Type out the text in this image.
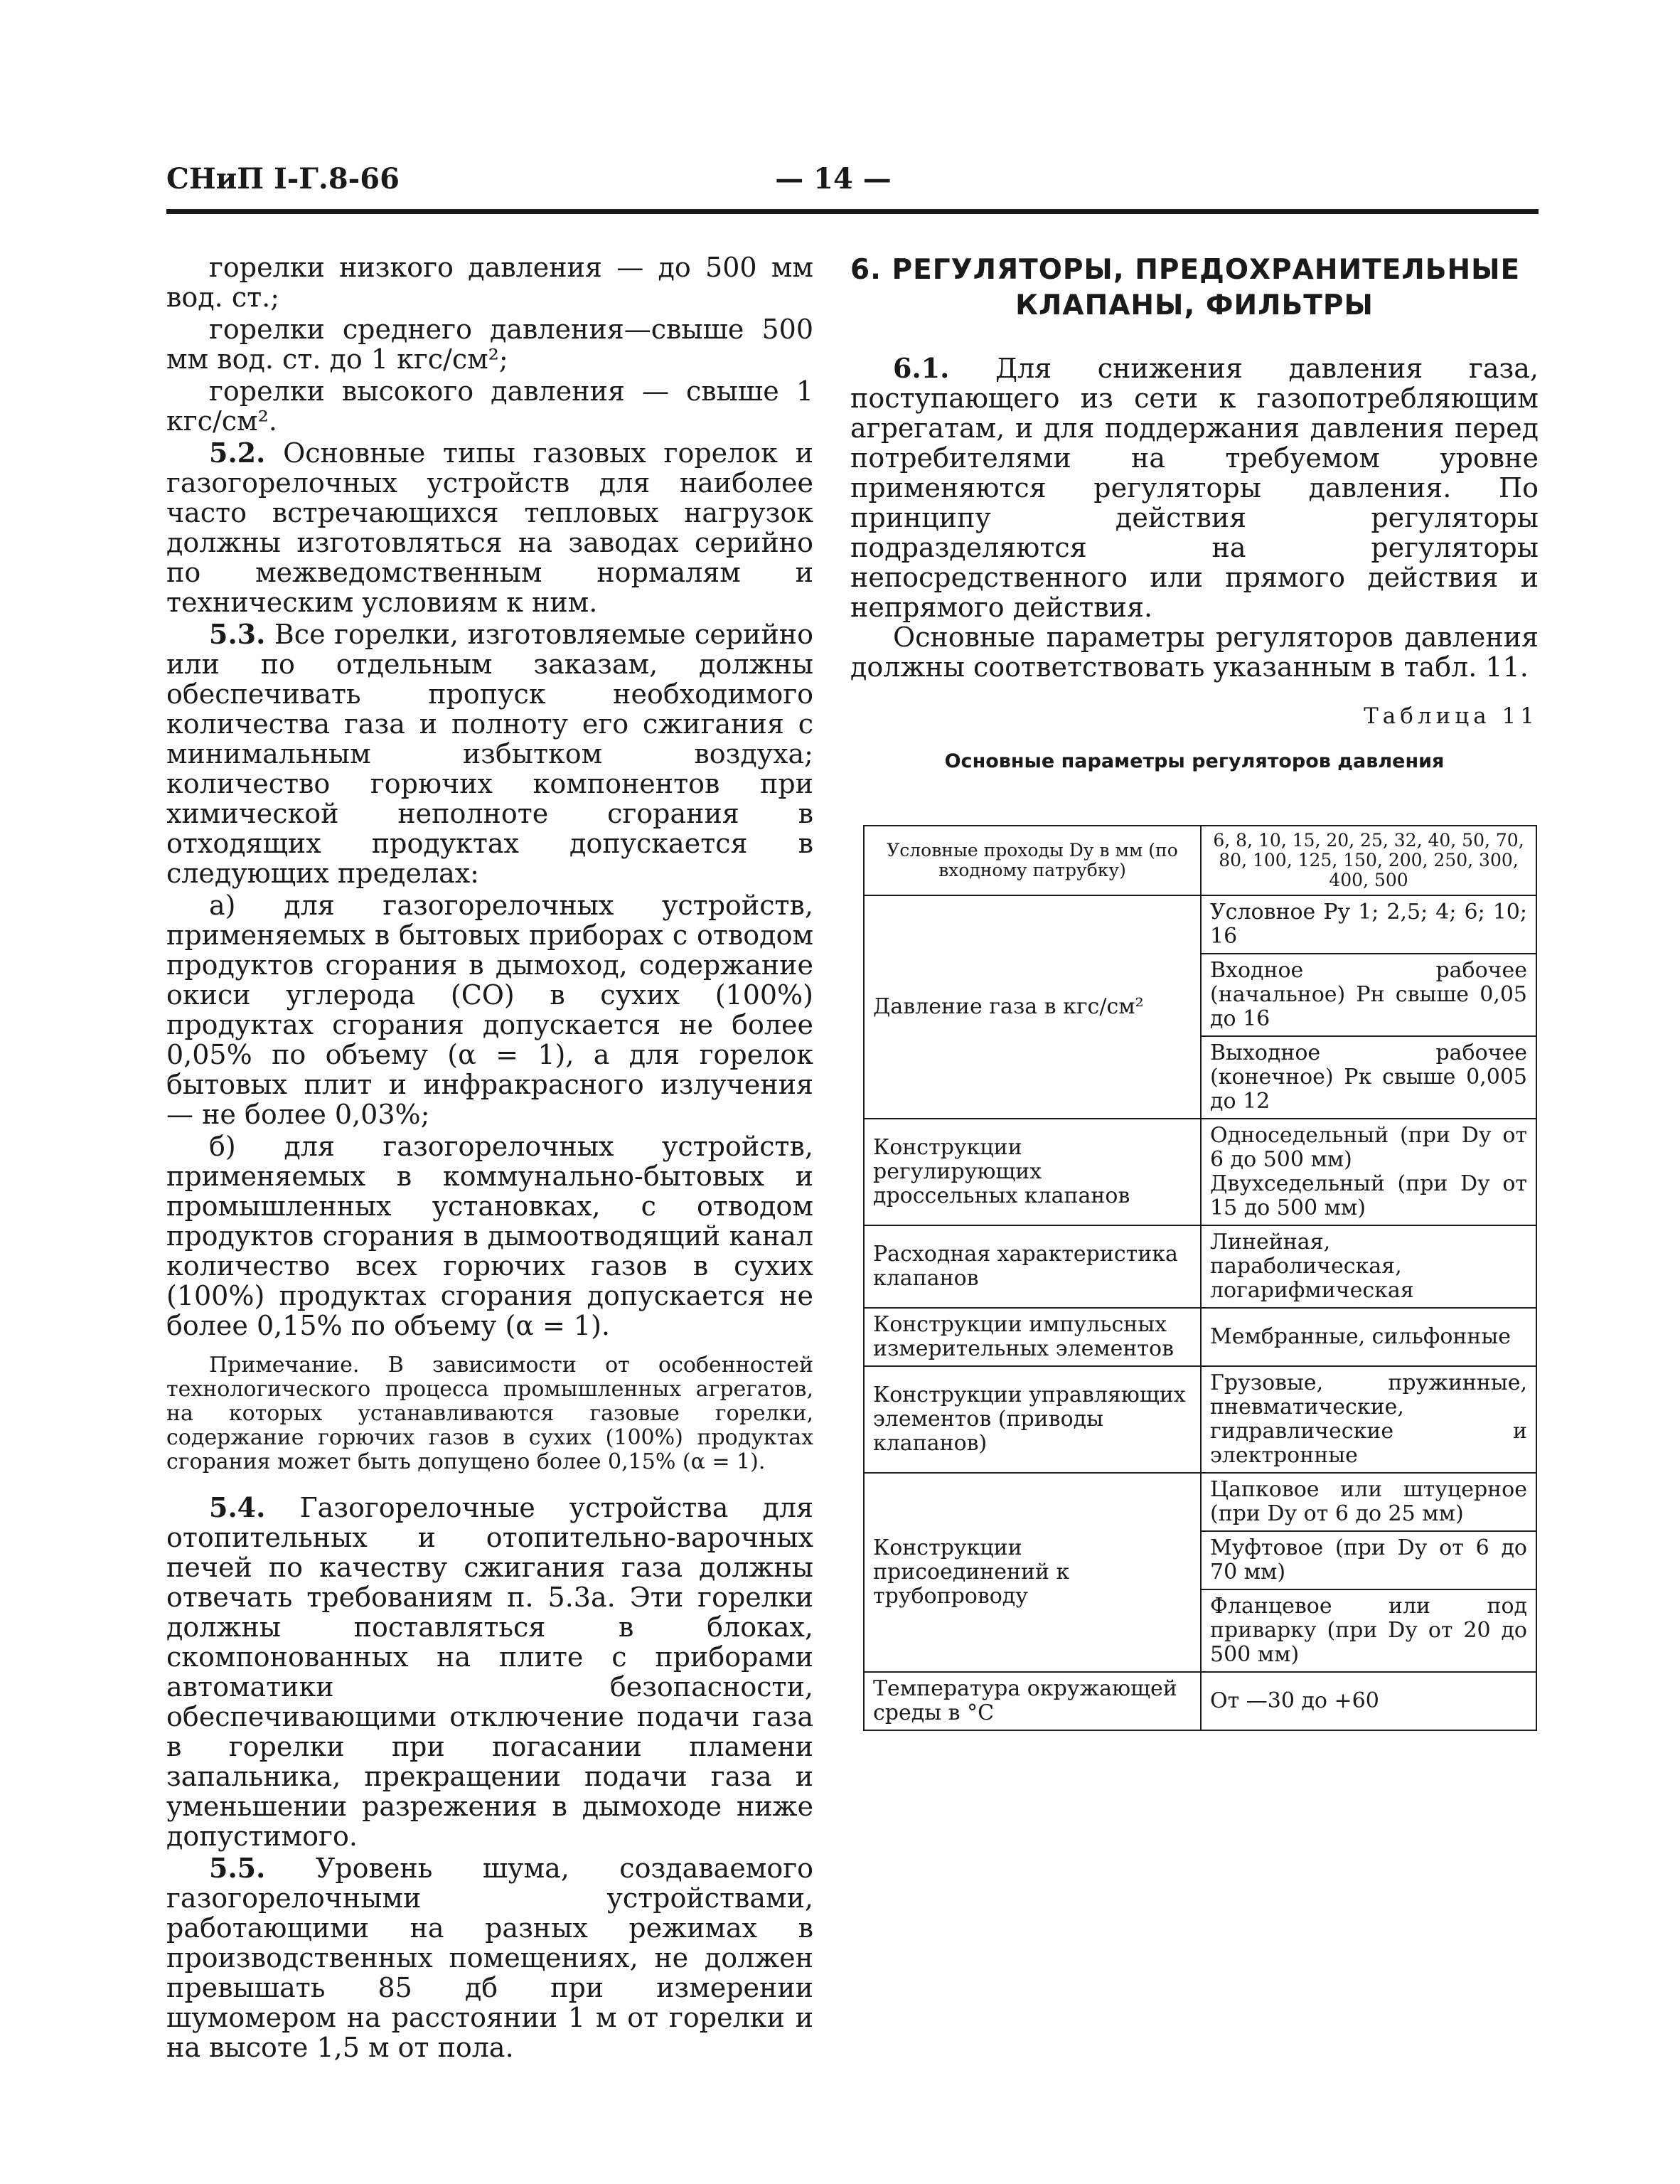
СНиП I-Г.8-66	— 14 —

горелки низкого давления — до 500 мм вод. ст.;

горелки среднего давления—свыше 500 мм вод. ст. до 1 кгс/см²;

горелки высокого давления — свыше 1 кгс/см².

5.2. Основные типы газовых горелок и газогорелочных устройств для наиболее часто встречающихся тепловых нагрузок должны изготовляться на заводах серийно по межведомственным нормалям и техническим условиям к ним.

5.3. Все горелки, изготовляемые серийно или по отдельным заказам, должны обеспечивать пропуск необходимого количества газа и полноту его сжигания с минимальным избытком воздуха; количество горючих компонентов при химической неполноте сгорания в отходящих продуктах допускается в следующих пределах:

а) для газогорелочных устройств, применяемых в бытовых приборах с отводом продуктов сгорания в дымоход, содержание окиси углерода (CO) в сухих (100%) продуктах сгорания допускается не более 0,05% по объему (α = 1), а для горелок бытовых плит и инфракрасного излучения — не более 0,03%;

б) для газогорелочных устройств, применяемых в коммунально-бытовых и промышленных установках, с отводом продуктов сгорания в дымоотводящий канал количество всех горючих газов в сухих (100%) продуктах сгорания допускается не более 0,15% по объему (α = 1).

Примечание. В зависимости от особенностей технологического процесса промышленных агрегатов, на которых устанавливаются газовые горелки, содержание горючих газов в сухих (100%) продуктах сгорания может быть допущено более 0,15% (α = 1).

5.4. Газогорелочные устройства для отопительных и отопительно-варочных печей по качеству сжигания газа должны отвечать требованиям п. 5.3а. Эти горелки должны поставляться в блоках, скомпонованных на плите с приборами автоматики безопасности, обеспечивающими отключение подачи газа в горелки при погасании пламени запальника, прекращении подачи газа и уменьшении разрежения в дымоходе ниже допустимого.

5.5. Уровень шума, создаваемого газогорелочными устройствами, работающими на разных режимах в производственных помещениях, не должен превышать 85 дб при измерении шумомером на расстоянии 1 м от горелки и на высоте 1,5 м от пола.

6. РЕГУЛЯТОРЫ, ПРЕДОХРАНИТЕЛЬНЫЕ
КЛАПАНЫ, ФИЛЬТРЫ

6.1. Для снижения давления газа, поступающего из сети к газопотребляющим агрегатам, и для поддержания давления перед потребителями на требуемом уровне применяются регуляторы давления. По принципу действия регуляторы подразделяются на регуляторы непосредственного или прямого действия и непрямого действия.

Основные параметры регуляторов давления должны соответствовать указанным в табл. 11.

Таблица 11

Основные параметры регуляторов давления

Условные проходы Dу в мм (по входному патрубку)	6, 8, 10, 15, 20, 25, 32, 40, 50, 70, 80, 100, 125, 150, 200, 250, 300, 400, 500
Давление газа в кгс/см²	Условное Pу 1; 2,5; 4; 6; 10; 16
	Входное рабочее (начальное) Pн свыше 0,05 до 16
	Выходное рабочее (конечное) Pк свыше 0,005 до 12
Конструкции регулирующих дроссельных клапанов	Односедельный (при Dу от 6 до 500 мм)
Двухседельный (при Dу от 15 до 500 мм)

Расходная характеристика клапанов	Линейная, параболическая, логарифмическая
Конструкции импульсных измерительных элементов	Мембранные, сильфонные
Конструкции управляющих элементов (приводы клапанов)	Грузовые, пружинные, пневматические, гидравлические и электронные
Конструкции присоединений к трубопроводу	Цапковое или штуцерное (при Dу от 6 до 25 мм)
	Муфтовое (при Dу от 6 до 70 мм)
	Фланцевое или под приварку (при Dу от 20 до 500 мм)
Температура окружающей среды в °С	От —30 до +60
